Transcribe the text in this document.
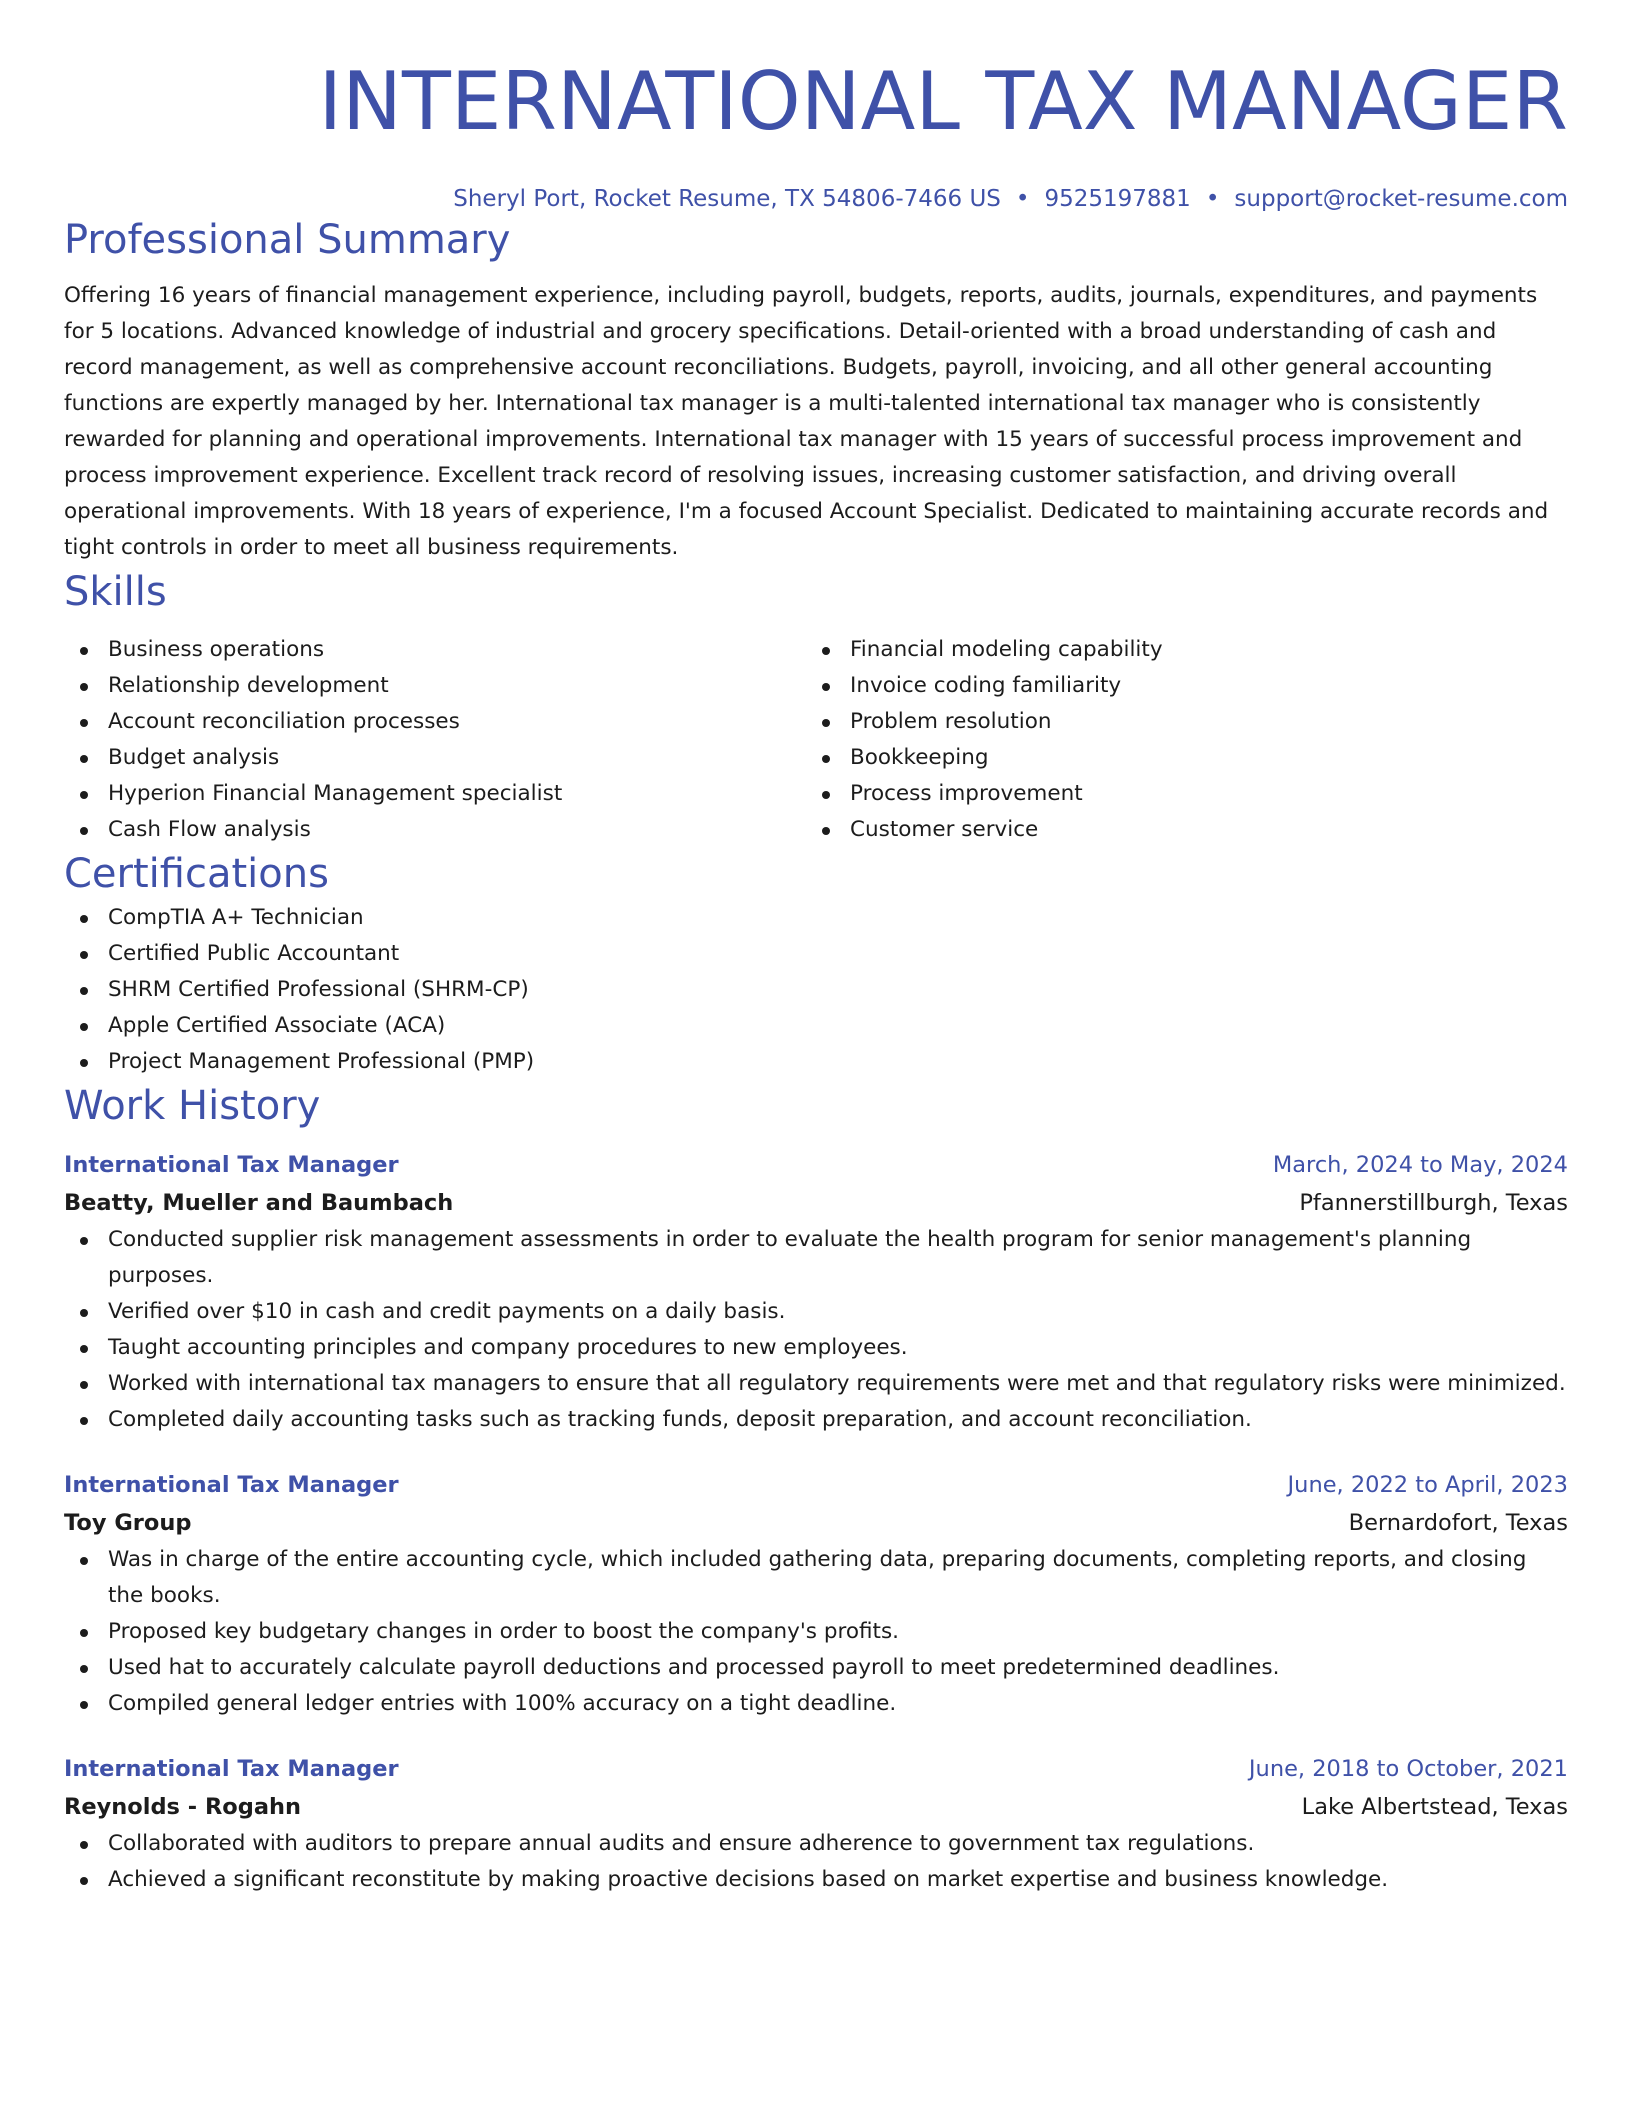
INTERNATIONAL TAX MANAGER
Sheryl Port, Rocket Resume, TX 54806-7466 US • 9525197881 • support@rocket-resume.com
Professional Summary
Offering 16 years of financial management experience, including payroll, budgets, reports, audits, journals, expenditures, and payments for 5 locations. Advanced knowledge of industrial and grocery specifications. Detail-oriented with a broad understanding of cash and record management, as well as comprehensive account reconciliations. Budgets, payroll, invoicing, and all other general accounting functions are expertly managed by her. International tax manager is a multi-talented international tax manager who is consistently rewarded for planning and operational improvements. International tax manager with 15 years of successful process improvement and process improvement experience. Excellent track record of resolving issues, increasing customer satisfaction, and driving overall operational improvements. With 18 years of experience, I'm a focused Account Specialist. Dedicated to maintaining accurate records and tight controls in order to meet all business requirements.
Skills
Business operations
Relationship development
Account reconciliation processes
Budget analysis
Hyperion Financial Management specialist
Cash Flow analysis
Financial modeling capability
Invoice coding familiarity
Problem resolution
Bookkeeping
Process improvement
Customer service
Certifications
CompTIA A+ Technician
Certified Public Accountant
SHRM Certified Professional (SHRM-CP)
Apple Certified Associate (ACA)
Project Management Professional (PMP)
Work History
International Tax Manager	March, 2024 to May, 2024
Beatty, Mueller and Baumbach	Pfannerstillburgh, Texas
Conducted supplier risk management assessments in order to evaluate the health program for senior management's planning purposes.
Verified over $10 in cash and credit payments on a daily basis.
Taught accounting principles and company procedures to new employees.
Worked with international tax managers to ensure that all regulatory requirements were met and that regulatory risks were minimized.
Completed daily accounting tasks such as tracking funds, deposit preparation, and account reconciliation.
International Tax Manager	June, 2022 to April, 2023
Toy Group	Bernardofort, Texas
Was in charge of the entire accounting cycle, which included gathering data, preparing documents, completing reports, and closing the books.
Proposed key budgetary changes in order to boost the company's profits.
Used hat to accurately calculate payroll deductions and processed payroll to meet predetermined deadlines.
Compiled general ledger entries with 100% accuracy on a tight deadline.
International Tax Manager	June, 2018 to October, 2021
Reynolds - Rogahn	Lake Albertstead, Texas
Collaborated with auditors to prepare annual audits and ensure adherence to government tax regulations.
Achieved a significant reconstitute by making proactive decisions based on market expertise and business knowledge.
